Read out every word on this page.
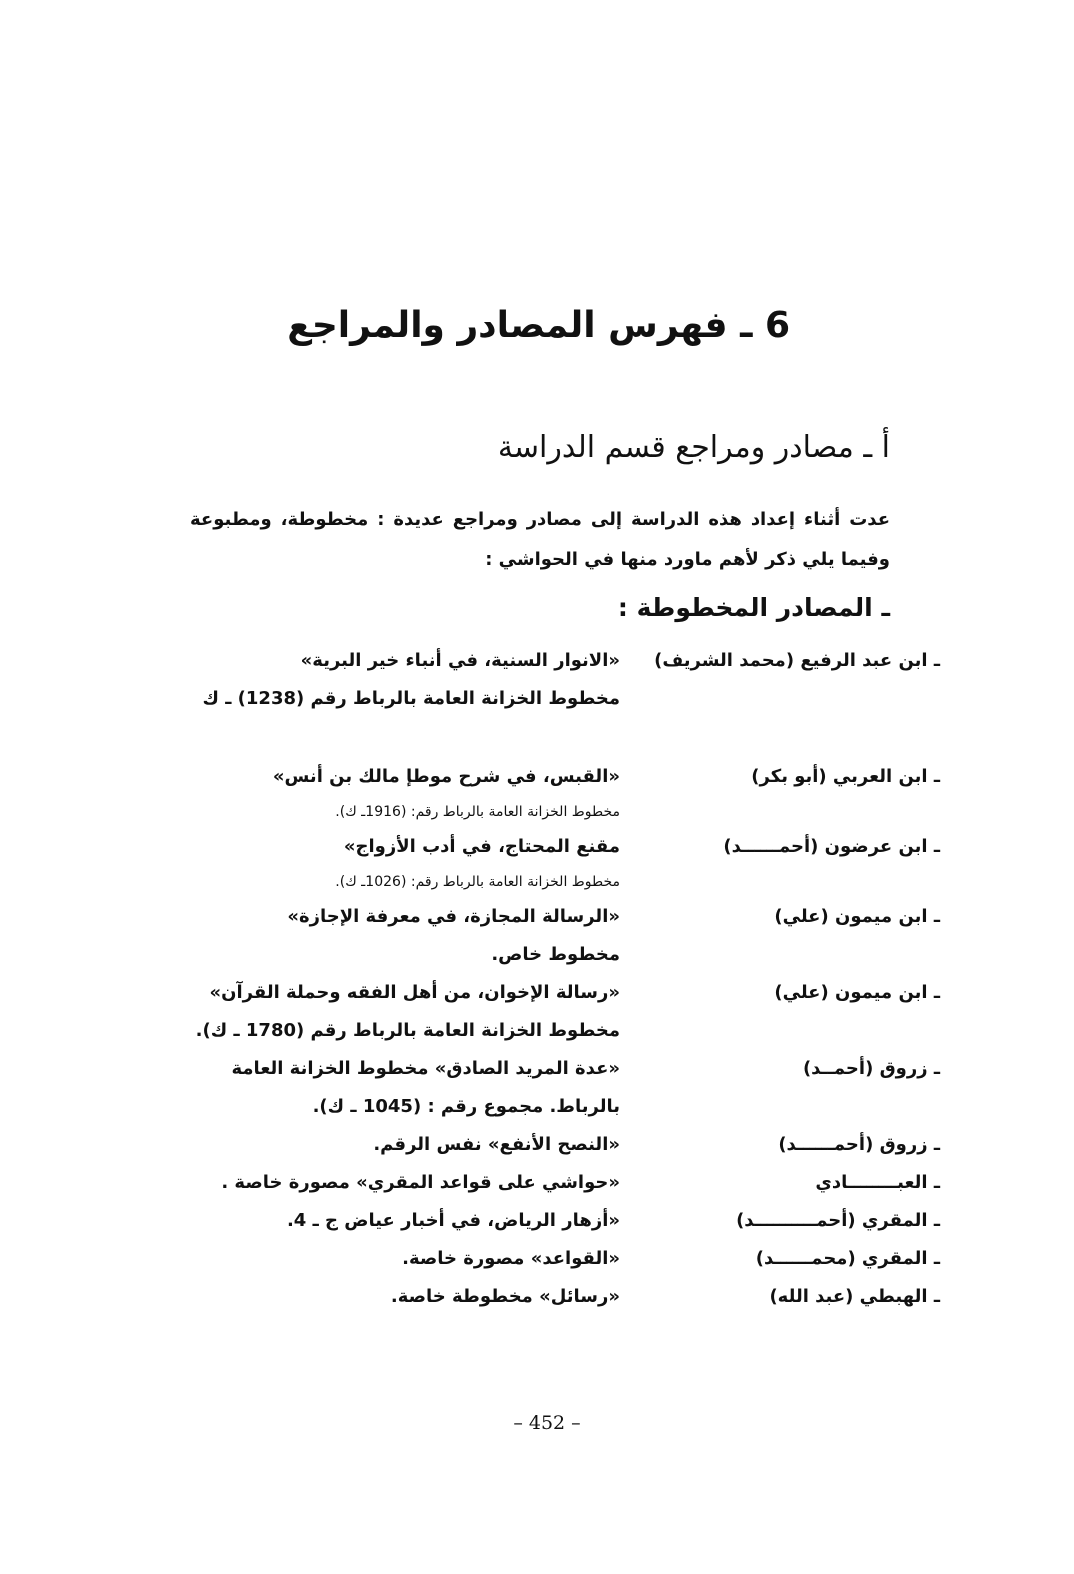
6 ـ فهرس المصادر والمراجع
أ ـ مصادر ومراجع قسم الدراسة

عدت أثناء إعداد هذه الدراسة إلى مصادر ومراجع عديدة : مخطوطة، ومطبوعة

وفيما يلي ذكر لأهم ماورد منها في الحواشي :

ـ المصادر المخطوطة :
ـ ابن عبد الرفيع (محمد الشريف)
«الانوار السنية، في أنباء خير البرية»
مخطوط الخزانة العامة بالرباط رقم (1238) ـ ك
ـ ابن العربي (أبو بكر)
«القبس، في شرح موطإ مالك بن أنس»
مخطوط الخزانة العامة بالرباط رقم: (1916ـ ك).
ـ ابن عرضون (أحمــــــد)
مقنع المحتاج، في أدب الأزواج»
مخطوط الخزانة العامة بالرباط رقم: (1026ـ ك).
ـ ابن ميمون (علي)
«الرسالة المجازة، في معرفة الإجازة»
مخطوط خاص.
ـ ابن ميمون (علي)
«رسالة الإخوان، من أهل الفقه وحملة القرآن»
مخطوط الخزانة العامة بالرباط رقم (1780 ـ ك).
ـ زروق (أحمــد)
«عدة المريد الصادق» مخطوط الخزانة العامة
بالرباط. مجموع رقم : (1045 ـ ك).
ـ زروق (أحمــــــد)
«النصح الأنفع» نفس الرقم.
ـ العبــــــــادي
«حواشي على قواعد المقري» مصورة خاصة .
ـ المقري (أحمــــــــــد)
«أزهار الرياض، في أخبار عياض ج ـ 4.
ـ المقري (محمــــــد)
«القواعد» مصورة خاصة.
ـ الهبطي (عبد الله)
«رسائل» مخطوطة خاصة.
– 452 –
